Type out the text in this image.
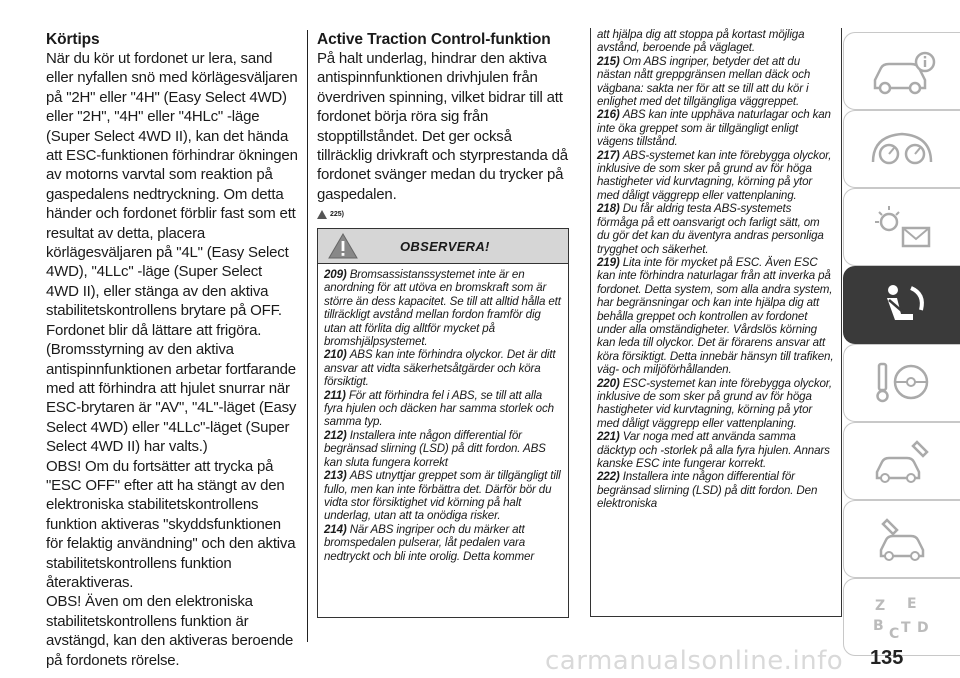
Körtips

När du kör ut fordonet ur lera, sand eller nyfallen snö med körlägesväljaren på "2H" eller "4H" (Easy Select 4WD) eller "2H", "4H" eller "4HLc" -läge (Super Select 4WD II), kan det hända att ESC-funktionen förhindrar ökningen av motorns varvtal som reaktion på gaspedalens nedtryckning. Om detta händer och fordonet förblir fast som ett resultat av detta, placera körlägesväljaren på "4L" (Easy Select 4WD), "4LLc" -läge (Super Select 4WD II), eller stänga av den aktiva stabilitetskontrollens brytare på OFF.

Fordonet blir då lättare att frigöra. (Bromsstyrning av den aktiva antispinnfunktionen arbetar fortfarande med att förhindra att hjulet snurrar när ESC-brytaren är "AV", "4L"-läget (Easy Select 4WD) eller "4LLc"-läget (Super Select 4WD II) har valts.)

OBS! Om du fortsätter att trycka på "ESC OFF" efter att ha stängt av den elektroniska stabilitetskontrollens funktion aktiveras "skyddsfunktionen för felaktig användning" och den aktiva stabilitetskontrollens funktion återaktiveras.

OBS! Även om den elektroniska stabilitetskontrollens funktion är avstängd, kan den aktiveras beroende på fordonets rörelse.

Active Traction Control-funktion

På halt underlag, hindrar den aktiva antispinnfunktionen drivhjulen från överdriven spinning, vilket bidrar till att fordonet börja röra sig från stopptillståndet. Det ger också tillräcklig drivkraft och styrprestanda då fordonet svänger medan du trycker på gaspedalen.

225)
OBSERVERA!

209) Bromsassistanssystemet inte är en anordning för att utöva en bromskraft som är större än dess kapacitet. Se till att alltid hålla ett tillräckligt avstånd mellan fordon framför dig utan att förlita dig alltför mycket på bromshjälpsystemet.

210) ABS kan inte förhindra olyckor. Det är ditt ansvar att vidta säkerhetsåtgärder och köra försiktigt.

211) För att förhindra fel i ABS, se till att alla fyra hjulen och däcken har samma storlek och samma typ.

212) Installera inte någon differential för begränsad slirning (LSD) på ditt fordon. ABS kan sluta fungera korrekt

213) ABS utnyttjar greppet som är tillgängligt till fullo, men kan inte förbättra det. Därför bör du vidta stor försiktighet vid körning på halt underlag, utan att ta onödiga risker.

214) När ABS ingriper och du märker att bromspedalen pulserar, låt pedalen vara nedtryckt och bli inte orolig. Detta kommer

att hjälpa dig att stoppa på kortast möjliga avstånd, beroende på väglaget.

215) Om ABS ingriper, betyder det att du nästan nått greppgränsen mellan däck och vägbana: sakta ner för att se till att du kör i enlighet med det tillgängliga väggreppet.

216) ABS kan inte upphäva naturlagar och kan inte öka greppet som är tillgängligt enligt vägens tillstånd.

217) ABS-systemet kan inte förebygga olyckor, inklusive de som sker på grund av för höga hastigheter vid kurvtagning, körning på ytor med dåligt väggrepp eller vattenplaning.

218) Du får aldrig testa ABS-systemets förmåga på ett oansvarigt och farligt sätt, om du gör det kan du äventyra andras personliga trygghet och säkerhet.

219) Lita inte för mycket på ESC. Även ESC kan inte förhindra naturlagar från att inverka på fordonet. Detta system, som alla andra system, har begränsningar och kan inte hjälpa dig att behålla greppet och kontrollen av fordonet under alla omständigheter. Vårdslös körning kan leda till olyckor. Det är förarens ansvar att köra försiktigt. Detta innebär hänsyn till trafiken, väg- och miljöförhållanden.

220) ESC-systemet kan inte förebygga olyckor, inklusive de som sker på grund av för höga hastigheter vid kurvtagning, körning på ytor med dåligt väggrepp eller vattenplaning.

221) Var noga med att använda samma däcktyp och -storlek på alla fyra hjulen. Annars kanske ESC inte fungerar korrekt.

222) Installera inte någon differential för begränsad slirning (LSD) på ditt fordon. Den elektroniska

Z E
B C T D
carmanualsonline.info 135
